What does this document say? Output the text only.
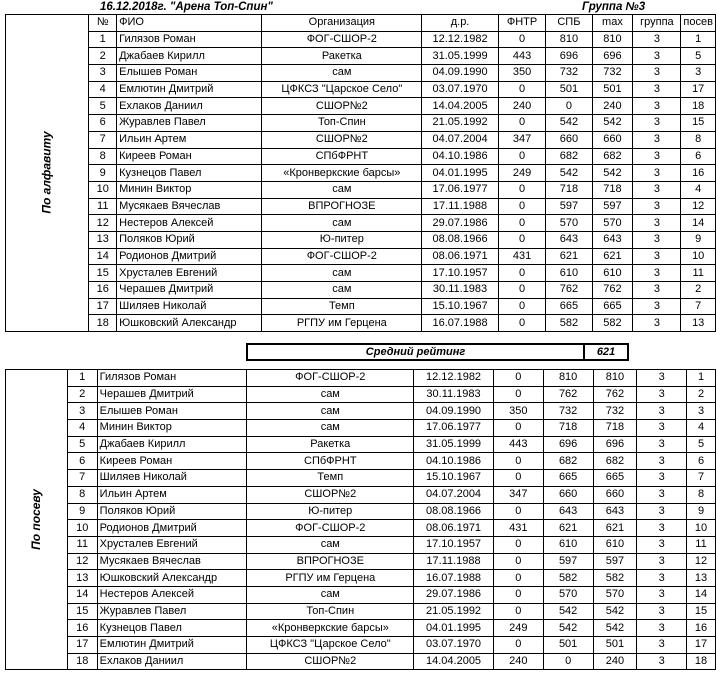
16.12.2018г. "Арена Топ-Спин"	Группа №3
По алфавиту	№	ФИО	Организация	д.р.	ФНТР	СПБ	max	группа	посев
	1	Гилязов Роман	ФОГ-СШОР-2	12.12.1982	0	810	810	3	1
	2	Джабаев Кирилл	Ракетка	31.05.1999	443	696	696	3	5
	3	Елышев Роман	сам	04.09.1990	350	732	732	3	3
	4	Емлютин Дмитрий	ЦФКСЗ "Царское Село"	03.07.1970	0	501	501	3	17
	5	Ехлаков Даниил	СШОР№2	14.04.2005	240	0	240	3	18
	6	Журавлев Павел	Топ-Спин	21.05.1992	0	542	542	3	15
	7	Ильин Артем	СШОР№2	04.07.2004	347	660	660	3	8
	8	Киреев Роман	СПбФРНТ	04.10.1986	0	682	682	3	6
	9	Кузнецов Павел	«Кронверкские барсы»	04.01.1995	249	542	542	3	16
	10	Минин Виктор	сам	17.06.1977	0	718	718	3	4
	11	Мусякаев Вячеслав	ВПРОГНОЗЕ	17.11.1988	0	597	597	3	12
	12	Нестеров Алексей	сам	29.07.1986	0	570	570	3	14
	13	Поляков Юрий	Ю-питер	08.08.1966	0	643	643	3	9
	14	Родионов Дмитрий	ФОГ-СШОР-2	08.06.1971	431	621	621	3	10
	15	Хрусталев Евгений	сам	17.10.1957	0	610	610	3	11
	16	Черашев Дмитрий	сам	30.11.1983	0	762	762	3	2
	17	Шиляев Николай	Темп	15.10.1967	0	665	665	3	7
	18	Юшковский Александр	РГПУ им Герцена	16.07.1988	0	582	582	3	13
Средний рейтинг	621
По посеву	1	Гилязов Роман	ФОГ-СШОР-2	12.12.1982	0	810	810	3	1
	2	Черашев Дмитрий	сам	30.11.1983	0	762	762	3	2
	3	Елышев Роман	сам	04.09.1990	350	732	732	3	3
	4	Минин Виктор	сам	17.06.1977	0	718	718	3	4
	5	Джабаев Кирилл	Ракетка	31.05.1999	443	696	696	3	5
	6	Киреев Роман	СПбФРНТ	04.10.1986	0	682	682	3	6
	7	Шиляев Николай	Темп	15.10.1967	0	665	665	3	7
	8	Ильин Артем	СШОР№2	04.07.2004	347	660	660	3	8
	9	Поляков Юрий	Ю-питер	08.08.1966	0	643	643	3	9
	10	Родионов Дмитрий	ФОГ-СШОР-2	08.06.1971	431	621	621	3	10
	11	Хрусталев Евгений	сам	17.10.1957	0	610	610	3	11
	12	Мусякаев Вячеслав	ВПРОГНОЗЕ	17.11.1988	0	597	597	3	12
	13	Юшковский Александр	РГПУ им Герцена	16.07.1988	0	582	582	3	13
	14	Нестеров Алексей	сам	29.07.1986	0	570	570	3	14
	15	Журавлев Павел	Топ-Спин	21.05.1992	0	542	542	3	15
	16	Кузнецов Павел	«Кронверкские барсы»	04.01.1995	249	542	542	3	16
	17	Емлютин Дмитрий	ЦФКСЗ "Царское Село"	03.07.1970	0	501	501	3	17
	18	Ехлаков Даниил	СШОР№2	14.04.2005	240	0	240	3	18
